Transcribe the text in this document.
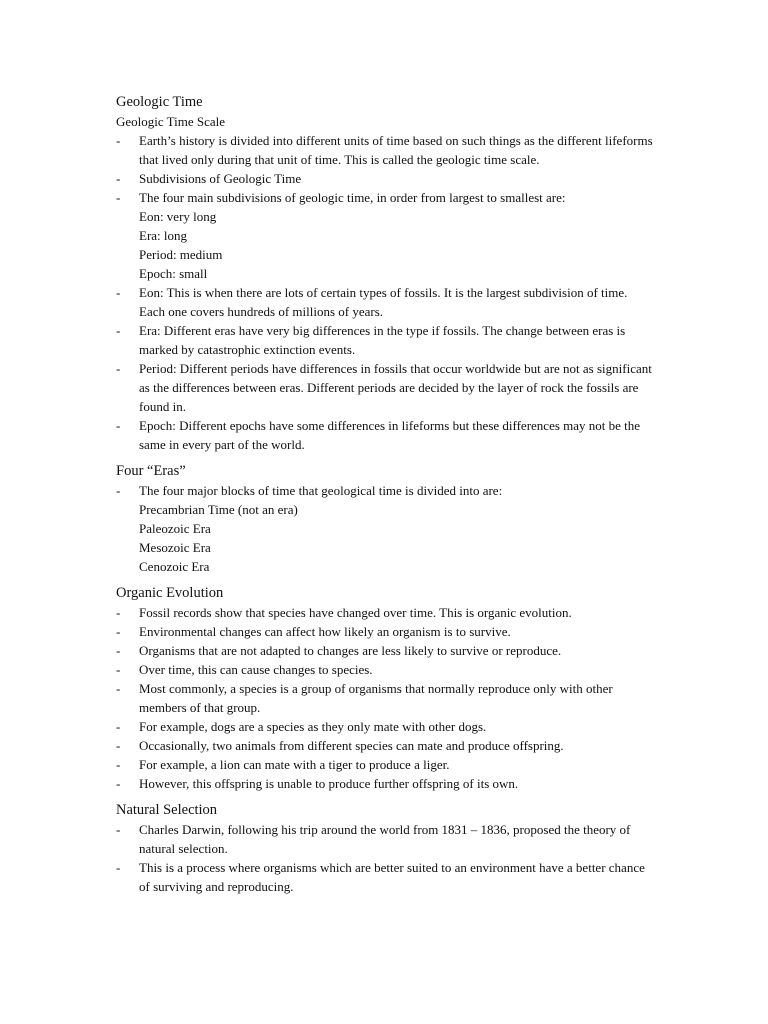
Geologic Time

Geologic Time Scale

- Earth’s history is divided into different units of time based on such things as the different lifeforms that lived only during that unit of time. This is called the geologic time scale.
- Subdivisions of Geologic Time
- The four main subdivisions of geologic time, in order from largest to smallest are:
Eon: very long
Era: long
Period: medium
Epoch: small
- Eon: This is when there are lots of certain types of fossils. It is the largest subdivision of time. Each one covers hundreds of millions of years.
- Era: Different eras have very big differences in the type if fossils. The change between eras is marked by catastrophic extinction events.
- Period: Different periods have differences in fossils that occur worldwide but are not as significant as the differences between eras. Different periods are decided by the layer of rock the fossils are found in.
- Epoch: Different epochs have some differences in lifeforms but these differences may not be the same in every part of the world.

Four “Eras”

- The four major blocks of time that geological time is divided into are:
Precambrian Time (not an era)
Paleozoic Era
Mesozoic Era
Cenozoic Era

Organic Evolution

- Fossil records show that species have changed over time. This is organic evolution.
- Environmental changes can affect how likely an organism is to survive.
- Organisms that are not adapted to changes are less likely to survive or reproduce.
- Over time, this can cause changes to species.
- Most commonly, a species is a group of organisms that normally reproduce only with other members of that group.
- For example, dogs are a species as they only mate with other dogs.
- Occasionally, two animals from different species can mate and produce offspring.
- For example, a lion can mate with a tiger to produce a liger.
- However, this offspring is unable to produce further offspring of its own.

Natural Selection

- Charles Darwin, following his trip around the world from 1831 – 1836, proposed the theory of natural selection.
- This is a process where organisms which are better suited to an environment have a better chance of surviving and reproducing.
